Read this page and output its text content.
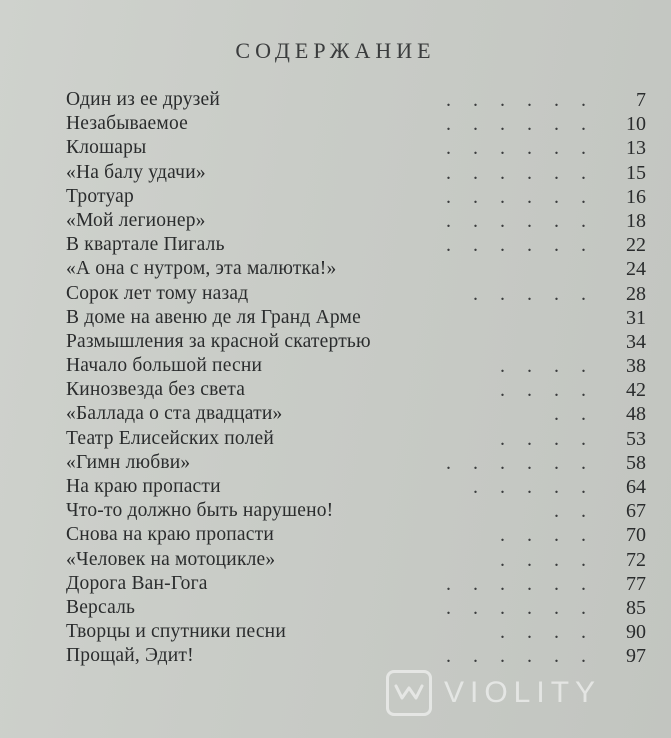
СОДЕРЖАНИЕ
......
Один из ее друзей	7
......
Незабываемое	10
......
Клошары	13
......
«На балу удачи»	15
......
Тротуар	16
......
«Мой легионер»	18
......
В квартале Пигаль	22
«А она с нутром, эта малютка!»	24
.....
Сорок лет тому назад	28
В доме на авеню де ля Гранд Арме	31
Размышления за красной скатертью	34
....
Начало большой песни	38
....
Кинозвезда без света	42
..
«Баллада о ста двадцати»	48
....
Театр Елисейских полей	53
......
«Гимн любви»	58
.....
На краю пропасти	64
..
Что-то должно быть нарушено!	67
....
Снова на краю пропасти	70
....
«Человек на мотоцикле»	72
......
Дорога Ван-Гога	77
......
Версаль	85
....
Творцы и спутники песни	90
......
Прощай, Эдит!	97
VIOLITY
